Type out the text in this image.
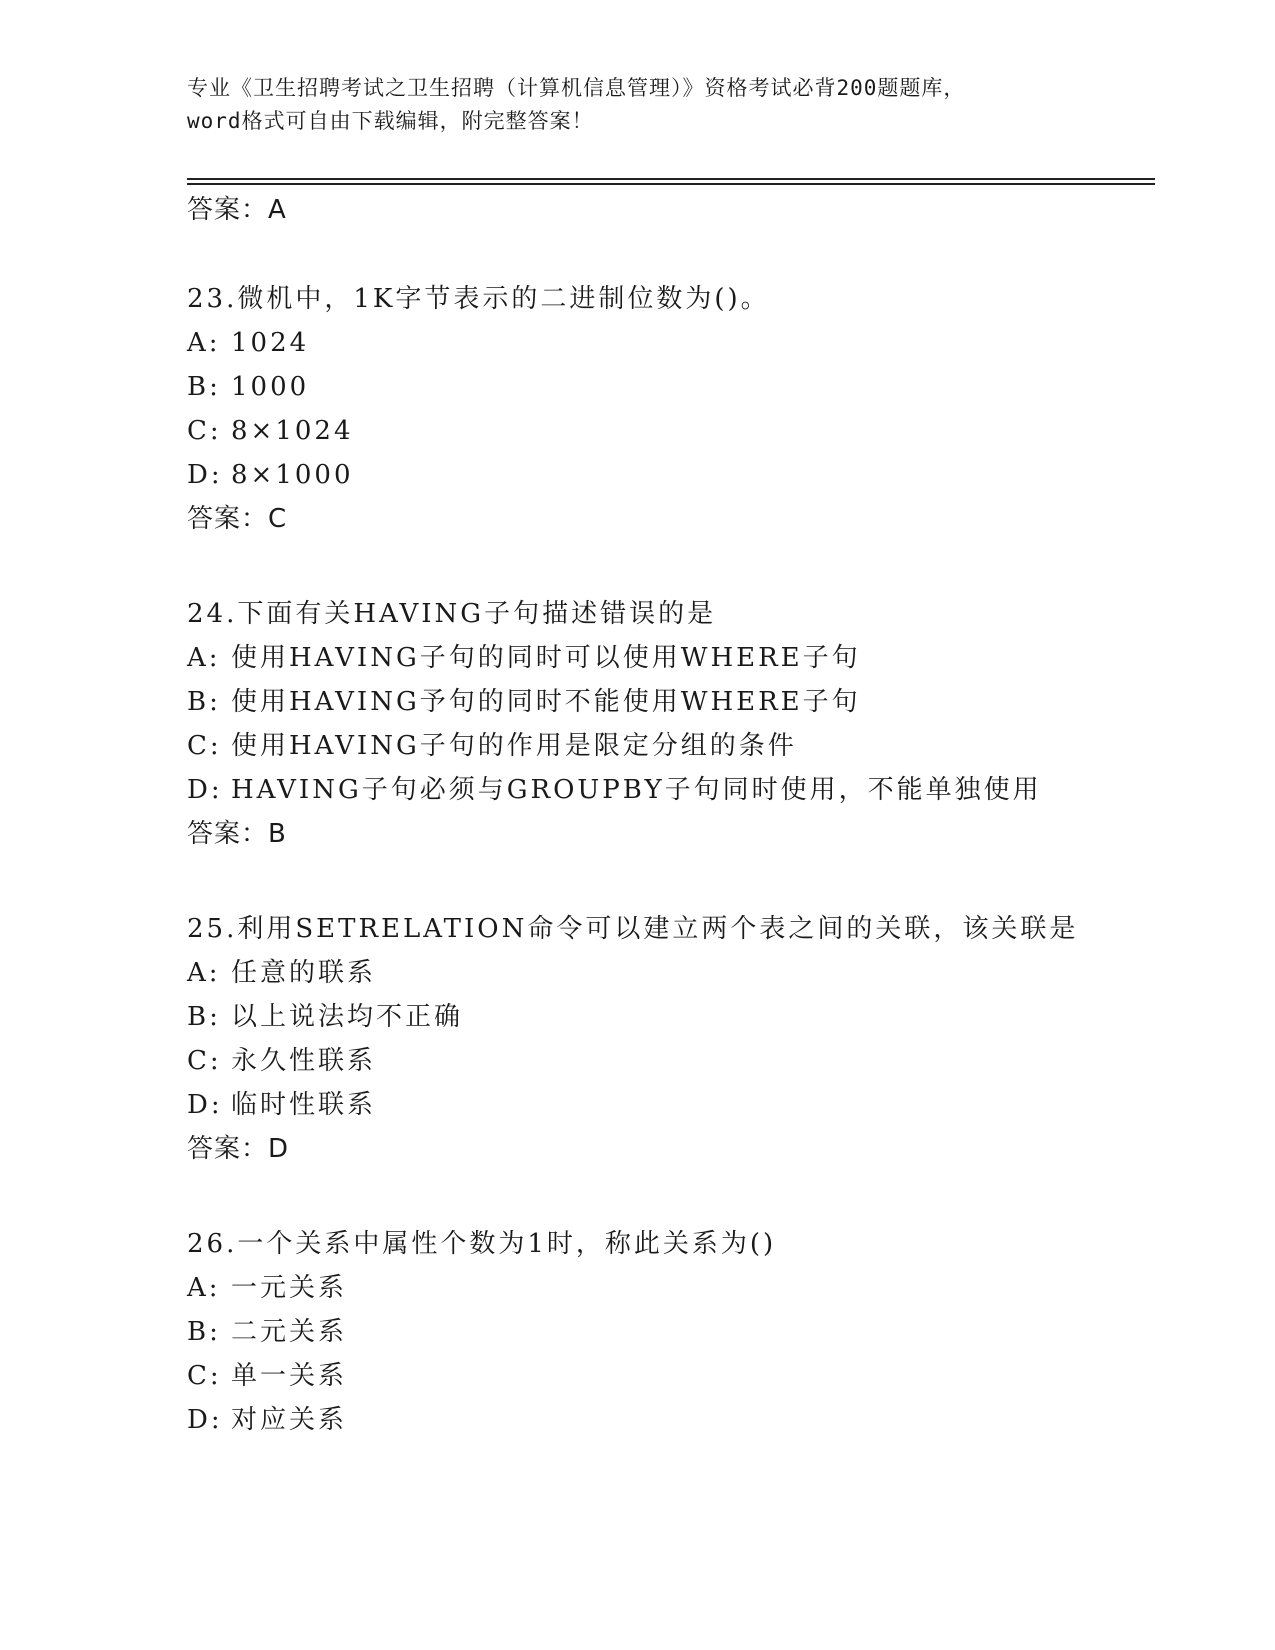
专业《卫生招聘考试之卫生招聘（计算机信息管理）》资格考试必背200题题库，
word格式可自由下载编辑，附完整答案！
答案：A
23.微机中，1K字节表示的二进制位数为()。
A: 1024
B: 1000
C: 8×1024
D: 8×1000
答案：C
24.下面有关HAVING子句描述错误的是
A: 使用HAVING子句的同时可以使用WHERE子句
B: 使用HAVING予句的同时不能使用WHERE子句
C: 使用HAVING子句的作用是限定分组的条件
D: HAVING子句必须与GROUPBY子句同时使用，不能单独使用
答案：B
25.利用SETRELATION命令可以建立两个表之间的关联，该关联是
A: 任意的联系
B: 以上说法均不正确
C: 永久性联系
D: 临时性联系
答案：D
26.一个关系中属性个数为1时，称此关系为()
A: 一元关系
B: 二元关系
C: 单一关系
D: 对应关系
